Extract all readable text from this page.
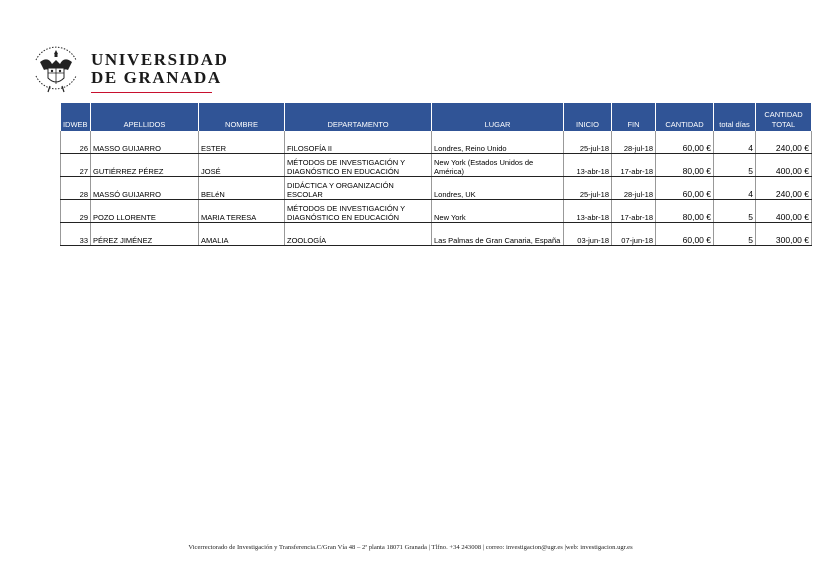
UNIVERSIDAD
DE GRANADA
IDWEB	APELLIDOS	NOMBRE	DEPARTAMENTO	LUGAR	INICIO	FIN	CANTIDAD	total días	CANTIDAD TOTAL
26	MASSO GUIJARRO	ESTER	FILOSOFÍA II	Londres, Reino Unido	25-jul-18	28-jul-18	60,00 €	4	240,00 €
27	GUTIÉRREZ PÉREZ	JOSÉ	MÉTODOS DE INVESTIGACIÓN Y DIAGNÓSTICO EN EDUCACIÓN	New York (Estados Unidos de América)	13-abr-18	17-abr-18	80,00 €	5	400,00 €
28	MASSÓ GUIJARRO	BELéN	DIDÁCTICA Y ORGANIZACIÓN ESCOLAR	Londres, UK	25-jul-18	28-jul-18	60,00 €	4	240,00 €
29	POZO LLORENTE	MARIA TERESA	MÉTODOS DE INVESTIGACIÓN Y DIAGNÓSTICO EN EDUCACIÓN	New York	13-abr-18	17-abr-18	80,00 €	5	400,00 €
33	PÉREZ JIMÉNEZ	AMALIA	ZOOLOGÍA	Las Palmas de Gran Canaria, España	03-jun-18	07-jun-18	60,00 €	5	300,00 €
Vicerrectorado de Investigación y Transferencia.C/Gran Vía 48 – 2ª planta 18071 Granada | Tlfno. +34 243008 | correo: investigacion@ugr.es |web: investigacion.ugr.es
